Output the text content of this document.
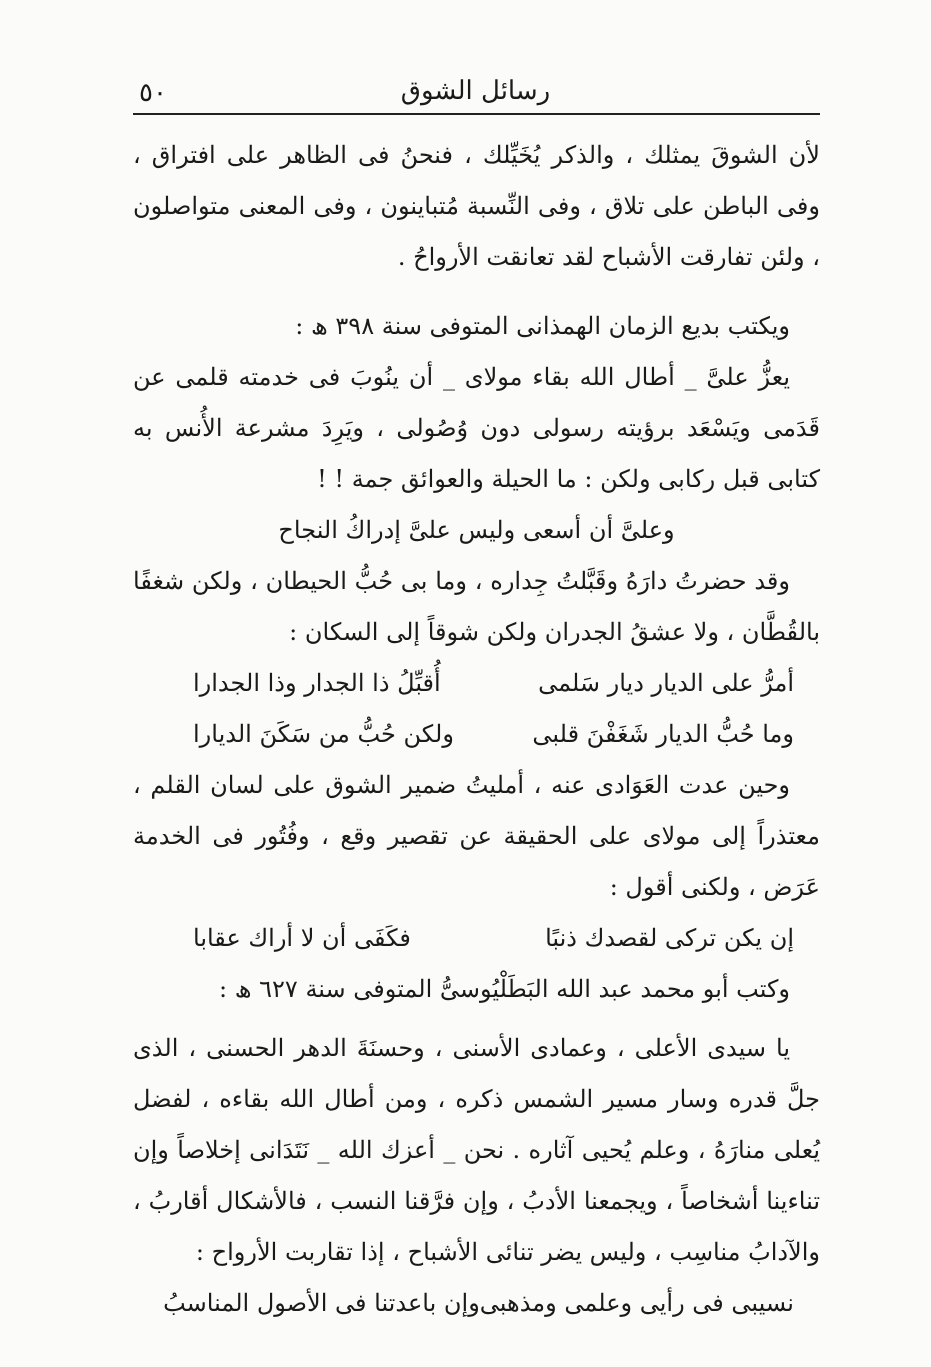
٥٠	رسائل الشوق

لأن الشوقَ يمثلك ، والذكر يُخَيِّلك ، فنحنُ فى الظاهر على افتراق ، وفى الباطن على تلاق ، وفى النِّسبة مُتباينون ، وفى المعنى متواصلون ، ولئن تفارقت الأشباح لقد تعانقت الأرواحُ .

ويكتب بديع الزمان الهمذانى المتوفى سنة ٣٩٨ ھ :

يعزُّ علىَّ _ أطال الله بقاء مولاى _ أن ينُوبَ فى خدمته قلمى عن قَدَمى ويَسْعَد برؤيته رسولى دون وُصُولى ، ويَرِدَ مشرعة الأُنس به كتابى قبل ركابى ولكن : ما الحيلة والعوائق جمة ! !

وعلىَّ أن أسعى وليس علىَّ إدراكُ النجاح

وقد حضرتُ دارَهُ وقَبَّلتُ جِداره ، وما بى حُبُّ الحيطان ، ولكن شغفًا بالقُطَّان ، ولا عشقُ الجدران ولكن شوقاً إلى السكان :

أمرُّ على الديار ديار سَلمى
أُقبِّلُ ذا الجدار وذا الجدارا
وما حُبُّ الديار شَغَفْنَ قلبى
ولكن حُبُّ من سَكَنَ الديارا

وحين عدت العَوَادى عنه ، أمليتُ ضمير الشوق على لسان القلم ، معتذراً إلى مولاى على الحقيقة عن تقصير وقع ، وفُتُور فى الخدمة عَرَض ، ولكنى أقول :

إن يكن تركى لقصدك ذنبًا
فكَفَى أن لا أراك عقابا

وكتب أبو محمد عبد الله البَطَلْيُوسىُّ المتوفى سنة ٦٢٧ ھ :

يا سيدى الأعلى ، وعمادى الأسنى ، وحسنَةَ الدهر الحسنى ، الذى جلَّ قدره وسار مسير الشمس ذكره ، ومن أطال الله بقاءه ، لفضل يُعلى منارَهُ ، وعلم يُحيى آثاره . نحن _ أعزك الله _ نَتَدَانى إخلاصاً وإن تناءينا أشخاصاً ، ويجمعنا الأدبُ ، وإن فرَّقنا النسب ، فالأشكال أقاربُ ، والآدابُ مناسِب ، وليس يضر تنائى الأشباح ، إذا تقاربت الأرواح :

نسيبى فى رأيى وعلمى ومذهبى
وإن باعدتنا فى الأصول المناسبُ
